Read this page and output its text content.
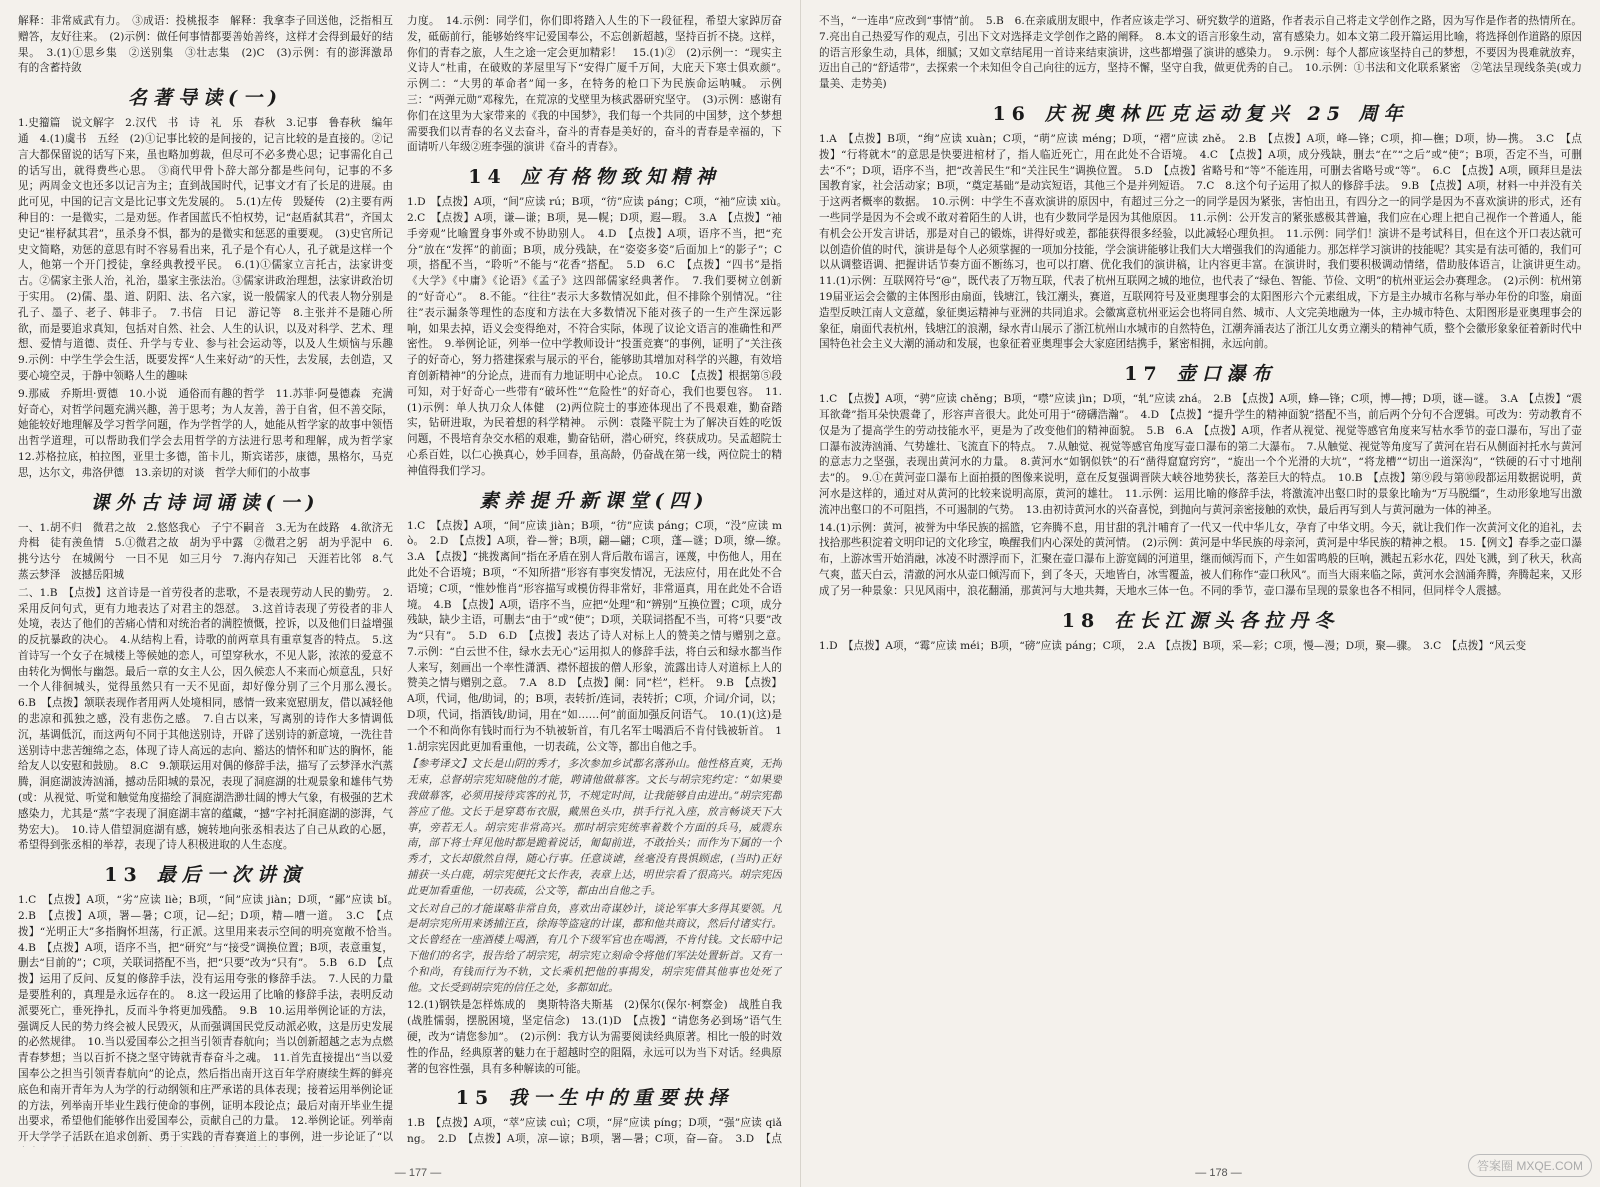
解释：非常威武有力。　③成语：投桃报李　解释：我拿李子回送他，泛指相互赠答，友好往来。　(2)示例：做任何事情都要善始善终，这样才会得到最好的结果。　3.(1)①思乡集　②送别集　③壮志集　(2)C　(3)示例：有的澎湃激昂　有的含蓄持敛

名著导读(一)

1.史籀篇　说文解字　2.汉代　书　诗　礼　乐　春秋　3.记事　鲁春秋　编年通　4.(1)虞书　五经　(2)①记事比较的是间接的，记言比较的是直接的。②记言大都保留说的话写下来，虽也略加剪裁，但尽可不必多费心思；记事需化自己的话写出，就得费些心思。　③商代甲骨卜辞大部分都是些问句，记事的不多见；两周金文也还多以记言为主；直到战国时代，记事文才有了长足的进展。由此可见，中国的记言文是比记事文先发展的。　5.(1)左传　毁疑传　(2)主要有两种目的：一是微实，二是劝惩。作者国蓝氏不怕权势，记“赵盾弑其君”，齐国太史记“崔杼弑其君”，虽杀身不惧，都为的是微实和惩恶的重要观。　(3)史官所记史文简略，劝惩的意思有时不容易看出来，孔子是个有心人，孔子就是这样一个人，他第一个开门授徒，拿经典教授平民。　6.(1)①儒家立言托古，法家讲变古。②儒家主张人治，礼治，墨家主张法治。③儒家讲政治理想，法家讲政治切于实用。　(2)儒、墨、道、阴阳、法、名六家，说一般儒家人的代表人物分别是孔子、墨子、老子、韩非子。　7.书信　日记　游记等　8.主张并不是随心所欲，而是要追求真知，包括对自然、社会、人生的认识，以及对科学、艺术、理想、爱情与道德、责任、升学与专业、参与社会运动等，以及人生烦恼与乐趣　9.示例：中学生学会生活，既要发挥“人生来好动”的天性，去发展，去创造，又要心境空灵，于静中领略人生的趣味

9.那威　乔斯坦·贾德　10.小说　通俗而有趣的哲学　11.苏菲·阿曼德森　充满好奇心，对哲学问题充满兴趣，善于思考；为人友善，善于自省，但不善交际，她能较好地理解及学习哲学问题，作为学哲学的人，她能从哲学家的故事中领悟出哲学道理，可以帮助我们学会去用哲学的方法进行思考和理解，成为哲学家　12.苏格拉底，柏拉图，亚里士多德，笛卡儿，斯宾诺莎，康德，黑格尔，马克思，达尔文，弗洛伊德　13.亲切的对谈　哲学大师们的小故事

课外古诗词诵读(一)

一、1.胡不归　微君之故　2.悠悠我心　子宁不嗣音　3.无为在歧路　4.欲济无舟楫　徒有羡鱼情　5.①微君之故　胡为乎中露　②微君之躬　胡为乎泥中　6.挑兮达兮　在城阙兮　一日不见　如三月兮　7.海内存知己　天涯若比邻　8.气蒸云梦泽　波撼岳阳城

二、1.B　【点拨】这首诗是一首劳役者的悲歌，不是表现劳动人民的勤劳。　2.采用反问句式，更有力地表达了对君主的怨怼。　3.这首诗表现了劳役者的非人处境，表达了他们的苦痛心情和对统治者的满腔愤慨，控诉，以及他们日益增强的反抗暴政的决心。　4.从结构上看，诗歌的前两章具有重章复沓的特点。　5.这首诗写一个女子在城楼上等候她的恋人，可望穿秋水，不见人影，浓浓的爱意不由转化为惆怅与幽怨。最后一章的女主人公，因久候恋人不来而心烦意乱，只好一个人徘徊城头，觉得虽然只有一天不见面，却好像分别了三个月那么漫长。　6.B　【点拨】颔联表现作者用两人处境相同，感情一致来宽慰朋友，借以减轻他的悲凉和孤独之感，没有悲伤之感。　7.自古以来，写离别的诗作大多情调低沉，基调低沉，而这两句不同于其他送别诗，开辟了送别诗的新意境，一洗往昔送别诗中悲苦缠绵之态，体现了诗人高远的志向、豁达的情怀和旷达的胸怀，能给友人以安慰和鼓励。　8.C　9.颔联运用对偶的修辞手法，描写了云梦泽水汽蒸腾，洞庭湖波涛汹涌，撼动岳阳城的景况，表现了洞庭湖的壮观景象和雄伟气势(或：从视觉、听觉和触觉角度描绘了洞庭湖浩渺壮阔的博大气象，有极强的艺术感染力，尤其是“蒸”字表现了洞庭湖丰富的蕴藏，“撼”字衬托洞庭湖的澎湃，气势宏大)。　10.诗人借望洞庭湖有感，婉转地向张丞相表达了自己从政的心愿，希望得到张丞相的举荐，表现了诗人积极进取的人生态度。

13 最后一次讲演

1.C　【点拨】A项，“劣”应读 liè；B项，“间”应读 jiàn；D项，“鄙”应读 bǐ。　2.B　【点拨】A项，署—暑；C项，记—纪；D项，精—嘈一道。　3.C　【点拨】“光明正大”多指胸怀坦荡，行正派。这里用来表示空间的明亮宽敞不恰当。　4.B　【点拨】A项，语序不当，把“研究”与“接受”调换位置；B项，表意重复，删去“目前的”；C项，关联词搭配不当，把“只要”改为“只有”。　5.B　6.D　【点拨】运用了反问、反复的修辞手法，没有运用夸张的修辞手法。　7.人民的力量是要胜利的，真理是永远存在的。　8.这一段运用了比喻的修辞手法，表明反动派要死亡，垂死挣扎，反而斗争将更加残酷。　9.B　10.运用举例论证的方法，强调反人民的势力终会被人民毁灭，从而强调国民党反动派必败，这是历史发展的必然规律。　10.当以爱国奉公之担当引领青春航向；当以创新超越之志为点燃青春梦想；当以百折不挠之坚守铸就青春奋斗之魂。　11.首先直接提出“当以爱国奉公之担当引领青春航向”的论点，然后指出南开这百年学府赓续生辉的鲜亮底色和南开青年为人为学的行动纲领和庄严承诺的具体表现；接着运用举例论证的方法，列举南开毕业生践行使命的事例，证明本段论点；最后对南开毕业生提出要求，希望他们能够作出爱国奉公，贡献自己的力量。　12.举例论证。列举南开大学学子活跃在追求创新、勇于实践的青春赛道上的事例，进一步论证了“以　

力度。　14.示例：同学们，你们即将踏入人生的下一段征程，希望大家踔厉奋发，砥砺前行，能够始终牢记爱国奉公，不忘创新超越，坚持百折不挠。这样，你们的青春之旅，人生之途一定会更加精彩！　15.(1)②　(2)示例一：“现实主义诗人”杜甫，在破败的茅屋里写下“安得广厦千万间，大庇天下寒士俱欢颜”。　示例二：“大男的革命者”闻一多，在特务的枪口下为民族命运呐喊。　示例三：“两弹元勋”邓稼先，在荒凉的戈壁里为核武器研究坚守。　(3)示例：感谢有你们在这里为大家带来的《我的中国梦》，我们每一个共同的中国梦，这个梦想需要我们以青春的名义去奋斗，奋斗的青春是美好的，奋斗的青春是幸福的，下面请听八年级②班李强的演讲《奋斗的青春》。

14 应有格物致知精神

1.D　【点拨】A项，“间”应读 rú；B项，“彷”应读 páng；C项，“袖”应读 xiù。　2.C　【点拨】A项，谦—谦；B项，晃—幌；D项，遐—瑕。　3.A　【点拨】“袖手旁观”比喻置身事外或不协助别人。　4.D　【点拨】A项，语序不当，把“充分”放在“发挥”的前面；B项，成分残缺，在“姿姿多姿”后面加上“的影子”；C项，搭配不当，“聆听”不能与“花香”搭配。　5.D　6.C　【点拨】“四书”是指《大学》《中庸》《论语》《孟子》这四部儒家经典著作。　7.我们要树立创新的“好奇心”。　8.不能。“往往”表示大多数情况如此，但不排除个别情况。“往往”表示漏条等理性的态度和方法在大多数情况下能对孩子的一生产生深远影响，如果去掉，语义会变得绝对，不符合实际，体现了议论文语言的准确性和严密性。　9.举例论证，列举一位中学教师设计“投蛋竞赛”的事例，证明了“关注孩子的好奇心，努力搭建探索与展示的平台，能够助其增加对科学的兴趣，有效培育创新精神”的分论点，进而有力地证明中心论点。　10.C　【点拨】根据第⑤段可知，对于好奇心一些带有“破坏性”“危险性”的好奇心，我们也要包容。　11.(1)示例：单人执刀众人体健　(2)两位院士的事迹体现出了不畏艰难，勤奋踏实，钻研进取，为民着想的科学精神。　示例：袁隆平院士为了解决百姓的吃饭问题，不畏培育杂交水稻的艰难，勤奋钻研，潜心研究，终获成功。吴孟超院士心系百姓，以仁心换真心，妙手回春，虽高龄，仍奋战在第一线，两位院士的精神值得我们学习。

素养提升新课堂(四)

1.C　【点拨】A项，“间”应读 jiàn；B项，“彷”应读 páng；C项，“没”应读 mò。　2.D　【点拨】A项，眷—誉；B项，翩—翩；C项，蓬—谜；D项，缭—缭。　3.A　【点拨】“挑拨离间”指在矛盾在别人背后散布谣言，诬蔑，中伤他人，用在此处不合语境；B项，“不知所措”形容有事突发情况，无法应付，用在此处不合语境；C项，“惟妙惟肖”形容描写或模仿得非常好，非常逼真，用在此处不合语境。　4.B　【点拨】A项，语序不当，应把“处理”和“辨别”互换位置；C项，成分残缺，缺少主语，可删去“由于”或“使”；D项，关联词搭配不当，可将“只要”改为“只有”。　5.D　6.D　【点拨】表达了诗人对标上人的赞美之情与赠别之意。　7.示例：“白云世不住，绿水去无心”运用拟人的修辞手法，将白云和绿水都当作人来写，刻画出一个率性潇洒、襟怀超拔的僧人形象，流露出诗人对道标上人的赞美之情与赠别之意。　7.A　8.D　【点拨】阑：同“栏”，栏杆。　9.B　【点拨】A项，代词，他/助词，的；B项，表转折/连词，表转折；C项，介词/介词，以；D项，代词，指酒钱/助词，用在“如……何”前面加强反问语气。　10.(1)(这)是一个不和尚你有钱时而行为不轨被斩首，有几名军士喝酒后不肯付钱被斩首。　11.胡宗宪因此更加看重他，一切表疏，公文等，都出自他之手。

【参考译文】文长是山阴的秀才，多次参加乡试都名落孙山。他性格直爽，无拘无束，总督胡宗宪知晓他的才能，聘请他做幕客。文长与胡宗宪约定：“如果要我做幕客，必须用接待宾客的礼节，不规定时间，让我能够自由进出。”胡宗宪都答应了他。文长于是穿葛布衣服，戴黑色头巾，拱手行礼入座，放言畅谈天下大事，旁若无人。胡宗宪非常高兴。那时胡宗宪统率着数个方面的兵马，威震东南，部下将士拜见他时都是跪着说话，匍匐前进，不敢抬头；而作为下属的一个秀才，文长却傲然自得，随心行事。任意谈谑，丝毫没有畏惧顾虑，(当时)正好捕获一头白鹿，胡宗宪便托文长作表，表章上达，明世宗看了很高兴。胡宗宪因此更加看重他，一切表疏，公文等，都由出自他之手。

文长对自己的才能谋略非常自负，喜欢出奇谋妙计，谈论军事大多得其要领。凡是胡宗宪所用来诱捕汪直，徐海等盗寇的计谋，都和他共商议，然后付诸实行。文长曾经在一座酒楼上喝酒，有几个下级军官也在喝酒，不肯付钱。文长暗中记下他们的名字，报告给了胡宗宪，胡宗宪立刻命令将他们军法处置斩首。又有一个和尚，有钱而行为不轨，文长乘机把他的事揭发，胡宗宪借其他事也处死了他。文长受到胡宗宪的信任之处，多都如此。

12.(1)钢铁是怎样炼成的　奥斯特洛夫斯基　(2)保尔(保尔·柯察金)　战胜自我(战胜懦弱，摆脱困境，坚定信念)　13.(1)D　【点拨】“请您务必到场”语气生硬，改为“请您参加”。　(2)示例：我方认为需要阅读经典原著。相比一般的时效性的作品，经典原著的魅力在于超越时空的阻隔，永远可以为当下对话。经典原著的包容性强，具有多种解读的可能。

15 我一生中的重要抉择

1.B　【点拨】A项，“萃”应读 cuì；C项，“屏”应读 píng；D项，“强”应读 qiǎng。　2.D　【点拨】A项，凉—谅；B项，署—暑；C项，奋—奋。　3.D　【点　　

— 177 —

不当，“一连串”应改到“事情”前。　5.B　6.在亲戚朋友眼中，作者应该走学习、研究数学的道路，作者表示自己将走文学创作之路，因为写作是作者的热情所在。7.亮出自己热爱写作的观点，引出下文对选择走文学创作之路的阐释。　8.本文的语言形象生动，富有感染力。如本文第二段开篇运用比喻，将选择创作道路的原因的语言形象生动，具体，细腻；又如文章结尾用一首诗来结束演讲，这些都增强了演讲的感染力。　9.示例：每个人都应该坚持自己的梦想，不要因为畏难就放弃，迈出自己的“舒适带”，去探索一个未知但令自己向往的远方，坚持不懈，坚守自我，做更优秀的自己。　10.示例：①书法和文化联系紧密　②笔法呈现线条美(或力量美、走势美)

16 庆祝奥林匹克运动复兴 25 周年

1.A　【点拨】B项，“绚”应读 xuàn；C项，“萌”应读 méng；D项，“褶”应读 zhě。　2.B　【点拨】A项，峰—锋；C项，抑—橅；D项，协—携。　3.C　【点拨】“行将就木”的意思是快要进棺材了，指人临近死亡，用在此处不合语境。　4.C　【点拨】A项，成分残缺，删去“在”“之后”或“使”；B项，否定不当，可删去“不”；D项，语序不当，把“改善民生”和“关注民生”调换位置。　5.D　【点拨】省略号和“等”不能连用，可删去省略号或“等”。　6.C　【点拨】A项，顾拜旦是法国教育家，社会活动家；B项，“奠定基础”是动宾短语，其他三个是并列短语。　7.C　8.这个句子运用了拟人的修辞手法。　9.B　【点拨】A项，材料一中并没有关于这两者概率的数据。　10.示例：中学生不喜欢演讲的原因中，有超过三分之一的同学是因为紧张，害怕出丑，有四分之一的同学是因为不喜欢演讲的形式，还有一些同学是因为不会或不敢对着陌生的人讲，也有少数同学是因为其他原因。　11.示例：公开发言的紧张感极其普遍，我们应在心理上把自己视作一个普通人，能有机会公开发言讲话，那是对自己的锻炼，讲得好或差，都能获得很多经验，以此减轻心理负担。　11.示例：同学们！演讲不是考试科目，但在这个开口表达就可以创造价值的时代，演讲是每个人必须掌握的一项加分技能，学会演讲能够让我们大大增强我们的沟通能力。那怎样学习演讲的技能呢？其实是有法可循的，我们可以从调整语调、把握讲话节奏方面不断练习，也可以打磨、优化我们的演讲稿，让内容更丰富。在演讲时，我们要积极调动情绪，借助肢体语言，让演讲更生动。　11.(1)示例：互联网符号“@”，既代表了万物互联，代表了杭州互联网之城的地位，也代表了“绿色、智能、节俭、文明”的杭州亚运会办赛理念。　(2)示例：杭州第19届亚运会会徽的主体图形由扇面，钱塘江，钱江潮头，赛道，互联网符号及亚奥理事会的太阳图形六个元素组成，下方是主办城市名称与举办年份的印鉴，扇面造型反映江南人文意蕴，象征奥运精神与亚洲的共同追求。会徽寓意杭州亚运会也将同自然、城市、人文完美地融为一体，主办城市特色、太阳图形是亚奥理事会的象征，扇面代表杭州，钱塘江的浪潮，绿水青山展示了浙江杭州山水城市的自然特色，江潮奔涌表达了浙江儿女勇立潮头的精神气质，整个会徽形象象征着新时代中国特色社会主义大潮的涌动和发展，也象征着亚奥理事会大家庭团结携手，紧密相拥，永远向前。

17 壶口瀑布

1.C　【点拨】A项，“骋”应读 chěng；B项，“噤”应读 jìn；D项，“轧”应读 zhá。　2.B　【点拨】A项，蜂—锋；C项，博—搏；D项，谜—谜。　3.A　【点拨】“震耳欲聋”指耳朵快震聋了，形容声音很大。此处可用于“磅礴浩瀚”。　4.D　【点拨】“提升学生的精神面貌”搭配不当，前后两个分句不合逻辑。可改为：劳动教育不仅是为了提高学生的劳动技能水平，更是为了改变他们的精神面貌。　5.B　6.A　【点拨】A项，作者从视觉、视觉等感官角度来写枯水季节的壶口瀑布，写出了壶口瀑布波涛汹涌、气势雄壮、飞流直下的特点。　7.从触觉、视觉等感官角度写壶口瀑布的第二大瀑布。　7.从触觉、视觉等角度写了黄河在岩石从侧面衬托水与黄河的意志力之坚强，表现出黄河水的力量。　8.黄河水“如钢似铁”的石“凿得窟窟窍窍”，“旋出一个个光滑的大坑”，“将龙槽”“切出一道深沟”，“铁硬的石寸寸地削去”的。　9.①在黄河壶口瀑布上面拍摄的图像来说明，意在反复强调晋陕大峡谷地势狭长，落差巨大的特点。　10.B　【点拨】第⑨段与第⑩段都运用数据说明，黄河水是这样的，通过对从黄河的比较来说明高原，黄河的雄壮。　11.示例：运用比喻的修辞手法，将激流冲出壑口时的景象比喻为“万马脱缰”，生动形象地写出激流冲出壑口的不可阻挡，不可遏制的气势。　13.由初诗黄河水的兴奋喜悦，到抛向与黄河亲密接触的欢快，最后再写到人与黄河融为一体的神圣。

14.(1)示例：黄河，被誉为中华民族的摇篮，它奔腾不息，用甘甜的乳汁哺育了一代又一代中华儿女，孕育了中华文明。今天，就让我们作一次黄河文化的追礼，去找拾那些积淀着文明印记的文化珍宝，唤醒我们内心深处的黄河情。　(2)示例：黄河是中华民族的母亲河，黄河是中华民族的精神之根。　15.【例文】春季之壶口瀑布，上游冰雪开始消融，冰凌不时漂浮而下，汇聚在壶口瀑布上游宽阔的河道里，继而倾泻而下，产生如雷鸣般的巨响，溅起五彩水花，四处飞溅，到了秋天，秋高气爽，蓝天白云，清澈的河水从壶口倾泻而下，到了冬天，天地皆白，冰雪覆盖，被人们称作“壶口秋风”。而当大雨来临之际，黄河水会汹涌奔腾，奔腾起来，又形成了另一种景象：只见风雨中，浪花翻涌，那黄河与大地共舞，天地水三体一色。不同的季节，壶口瀑布呈现的景象也各不相同，但同样令人震撼。

18 在长江源头各拉丹冬

1.D　【点拨】A项，“霉”应读 méi；B项，“磅”应读 páng；C项，　2.A　【点拨】B项，采—彩；C项，慢—漫；D项，聚—骤。　3.C　【点拨】“风云变

— 178 —	答案圈 MXQE.COM
